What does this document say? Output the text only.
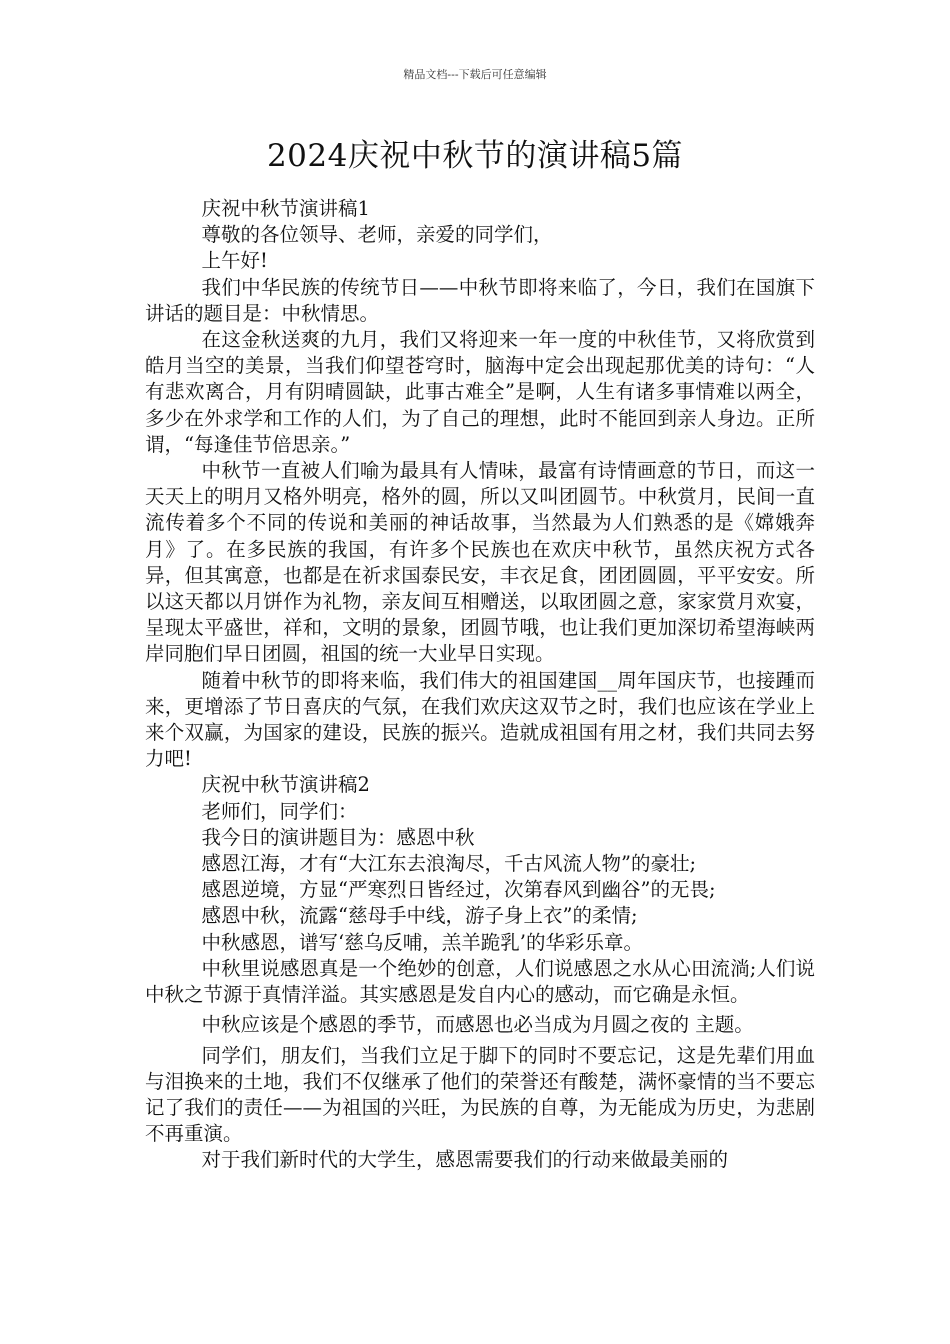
精品文档---下载后可任意编辑
2024庆祝中秋节的演讲稿5篇

庆祝中秋节演讲稿1

尊敬的各位领导、老师，亲爱的同学们，

上午好!

我们中华民族的传统节日——中秋节即将来临了，今日，我们在国旗下讲话的题目是：中秋情思。

在这金秋送爽的九月，我们又将迎来一年一度的中秋佳节，又将欣赏到皓月当空的美景，当我们仰望苍穹时，脑海中定会出现起那优美的诗句：“人有悲欢离合，月有阴晴圆缺，此事古难全”是啊，人生有诸多事情难以两全，多少在外求学和工作的人们，为了自己的理想，此时不能回到亲人身边。正所谓，“每逢佳节倍思亲。”

中秋节一直被人们喻为最具有人情味，最富有诗情画意的节日，而这一天天上的明月又格外明亮，格外的圆，所以又叫团圆节。中秋赏月，民间一直流传着多个不同的传说和美丽的神话故事，当然最为人们熟悉的是《嫦娥奔月》了。在多民族的我国，有许多个民族也在欢庆中秋节，虽然庆祝方式各异，但其寓意，也都是在祈求国泰民安，丰衣足食，团团圆圆，平平安安。所以这天都以月饼作为礼物，亲友间互相赠送，以取团圆之意，家家赏月欢宴，呈现太平盛世，祥和，文明的景象，团圆节哦，也让我们更加深切希望海峡两岸同胞们早日团圆，祖国的统一大业早日实现。

随着中秋节的即将来临，我们伟大的祖国建国__周年国庆节，也接踵而来，更增添了节日喜庆的气氛，在我们欢庆这双节之时，我们也应该在学业上来个双赢，为国家的建设，民族的振兴。造就成祖国有用之材，我们共同去努力吧!

庆祝中秋节演讲稿2

老师们，同学们：

我今日的演讲题目为：感恩中秋

感恩江海，才有“大江东去浪淘尽，千古风流人物”的豪壮;

感恩逆境，方显“严寒烈日皆经过，次第春风到幽谷”的无畏;

感恩中秋，流露“慈母手中线，游子身上衣”的柔情;

中秋感恩，谱写‘慈乌反哺，羔羊跪乳’的华彩乐章。

中秋里说感恩真是一个绝妙的创意，人们说感恩之水从心田流淌;人们说中秋之节源于真情洋溢。其实感恩是发自内心的感动，而它确是永恒。

中秋应该是个感恩的季节，而感恩也必当成为月圆之夜的 主题。

同学们，朋友们，当我们立足于脚下的同时不要忘记，这是先辈们用血与泪换来的土地，我们不仅继承了他们的荣誉还有酸楚，满怀豪情的当不要忘记了我们的责任——为祖国的兴旺，为民族的自尊，为无能成为历史，为悲剧不再重演。

对于我们新时代的大学生，感恩需要我们的行动来做最美丽的
